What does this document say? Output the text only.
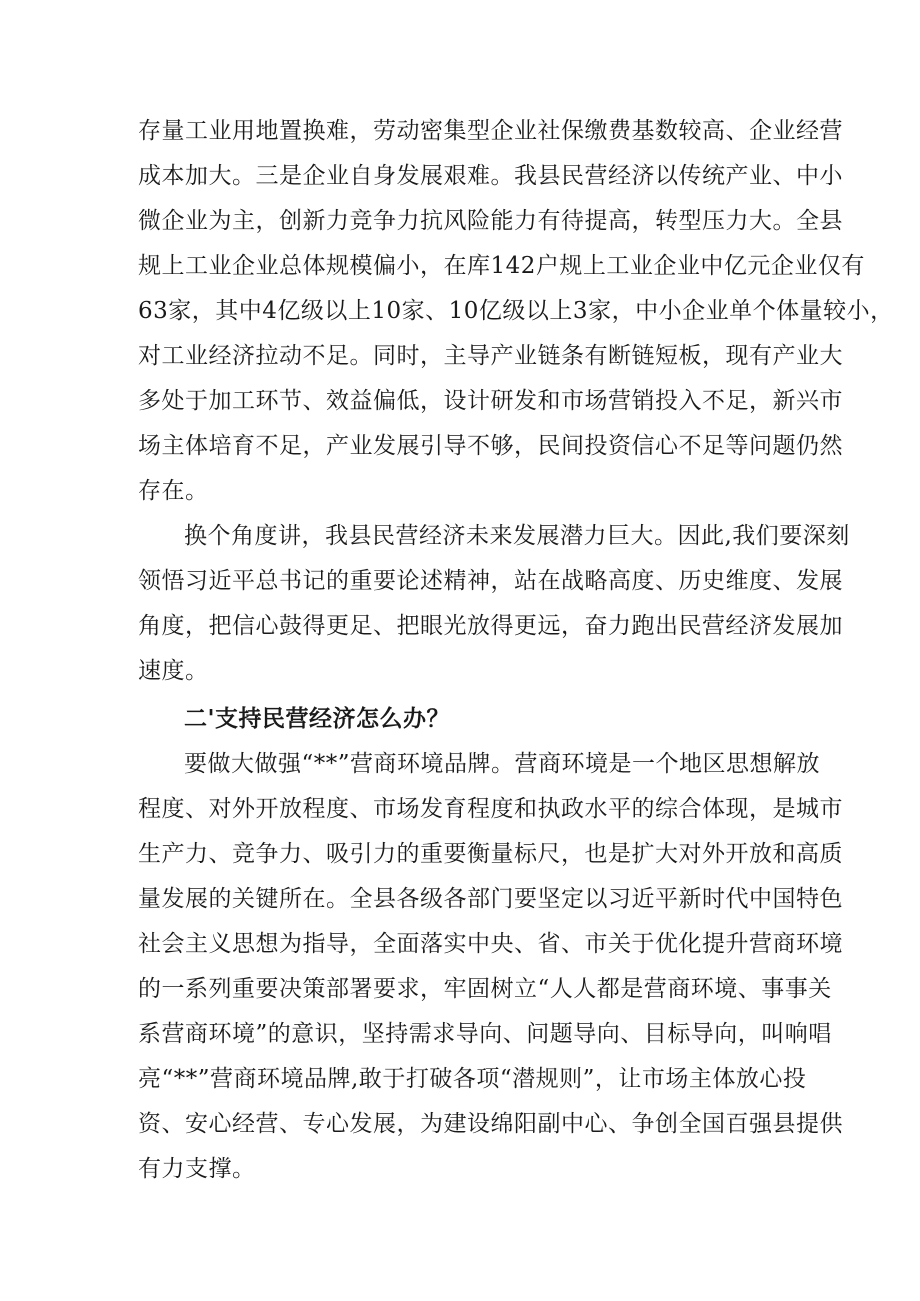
存量工业用地置换难，劳动密集型企业社保缴费基数较高、企业经营
成本加大。三是企业自身发展艰难。我县民营经济以传统产业、中小
微企业为主，创新力竞争力抗风险能力有待提高，转型压力大。全县
规上工业企业总体规模偏小，在库142户规上工业企业中亿元企业仅有
63家，其中4亿级以上10家、10亿级以上3家，中小企业单个体量较小，
对工业经济拉动不足。同时，主导产业链条有断链短板，现有产业大
多处于加工环节、效益偏低，设计研发和市场营销投入不足，新兴市
场主体培育不足，产业发展引导不够，民间投资信心不足等问题仍然
存在。
换个角度讲，我县民营经济未来发展潜力巨大。因此,我们要深刻
领悟习近平总书记的重要论述精神，站在战略高度、历史维度、发展
角度，把信心鼓得更足、把眼光放得更远，奋力跑出民营经济发展加
速度。
二'支持民营经济怎么办？
要做大做强“**”营商环境品牌。营商环境是一个地区思想解放
程度、对外开放程度、市场发育程度和执政水平的综合体现，是城市
生产力、竞争力、吸引力的重要衡量标尺，也是扩大对外开放和高质
量发展的关键所在。全县各级各部门要坚定以习近平新时代中国特色
社会主义思想为指导，全面落实中央、省、市关于优化提升营商环境
的一系列重要决策部署要求，牢固树立“人人都是营商环境、事事关
系营商环境”的意识，坚持需求导向、问题导向、目标导向，叫响唱
亮“**”营商环境品牌,敢于打破各项“潜规则”，让市场主体放心投
资、安心经营、专心发展，为建设绵阳副中心、争创全国百强县提供
有力支撑。
